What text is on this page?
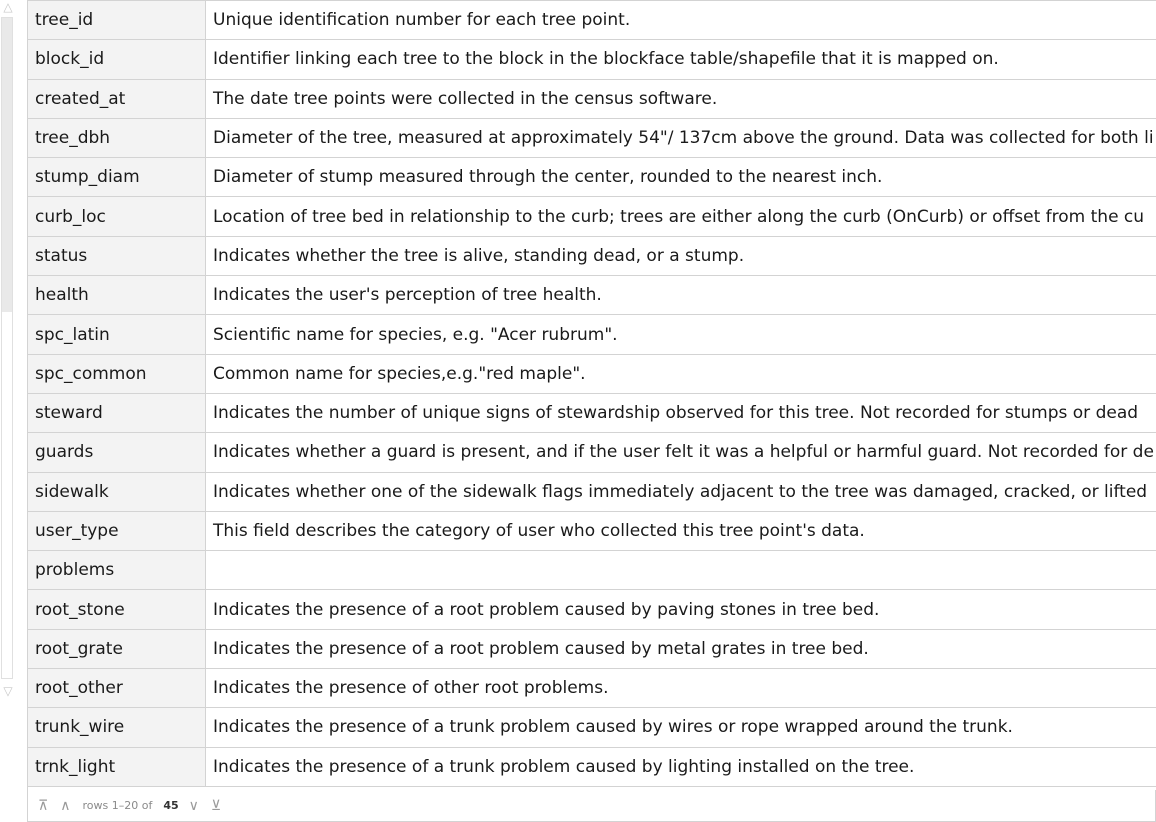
△
▽
tree_id	Unique identification number for each tree point.
block_id	Identifier linking each tree to the block in the blockface table/shapefile that it is mapped on.
created_at	The date tree points were collected in the census software.
tree_dbh	Diameter of the tree, measured at approximately 54"/ 137cm above the ground. Data was collected for both li
stump_diam	Diameter of stump measured through the center, rounded to the nearest inch.
curb_loc	Location of tree bed in relationship to the curb; trees are either along the curb (OnCurb) or offset from the cu
status	Indicates whether the tree is alive, standing dead, or a stump.
health	Indicates the user's perception of tree health.
spc_latin	Scientific name for species, e.g. "Acer rubrum".
spc_common	Common name for species,e.g."red maple".
steward	Indicates the number of unique signs of stewardship observed for this tree. Not recorded for stumps or dead
guards	Indicates whether a guard is present, and if the user felt it was a helpful or harmful guard. Not recorded for de
sidewalk	Indicates whether one of the sidewalk flags immediately adjacent to the tree was damaged, cracked, or lifted
user_type	This field describes the category of user who collected this tree point's data.
problems	
root_stone	Indicates the presence of a root problem caused by paving stones in tree bed.
root_grate	Indicates the presence of a root problem caused by metal grates in tree bed.
root_other	Indicates the presence of other root problems.
trunk_wire	Indicates the presence of a trunk problem caused by wires or rope wrapped around the trunk.
trnk_light	Indicates the presence of a trunk problem caused by lighting installed on the tree.
⊼ ∧ rows 1–20 of 45 ∨ ⊻
